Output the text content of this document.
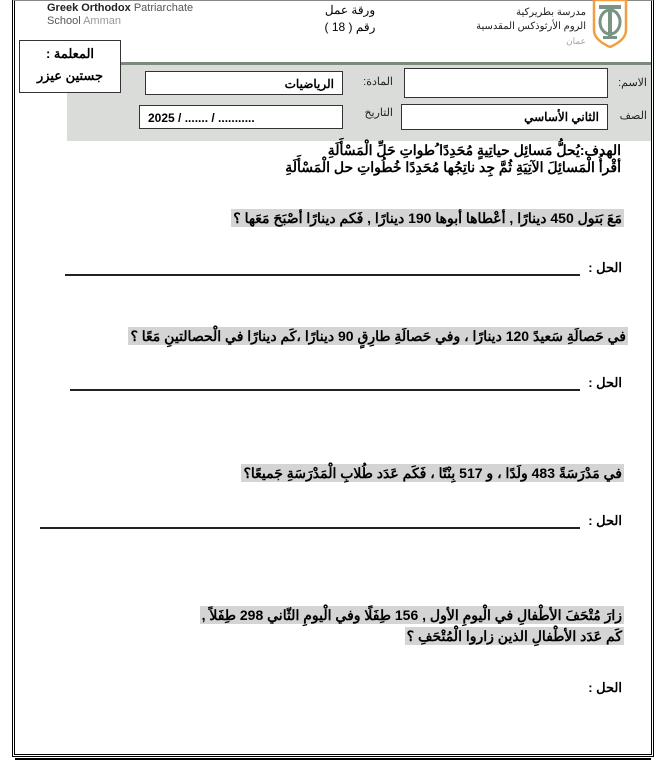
Greek Orthodox Patriarchate
School Amman
ورقة عمل
رقم ( 18 )
مدرسة بطريركية
الروم الأرثوذكس المقدسية
عمان
الاسم:
الصف
الثاني الأساسي
المادة:
الرياضيات
التاريخ
2025 / ....... / ...........
المعلمة :
جستين عيزر
الهدف:يُحلُّ مَسائِل حياتِيةٍ مُحَدِدًا ُطواتِ حَلِّ الْمَسْأَلَةِ
أقْرأُ الْمَسائِلَ الآتِيَةِ ثُمَّ جِد ناتِجُها مُحَدِدًا خُطُواتِ حل الْمَسْأَلَةِ
مَعَ بَتول 450 دينارًا , أعْطاها أبوها 190 دينارًا , فَكم دينارًا أصْبَحَ مَعَها ؟
الحل :
في حَصالَةِ سَعيدً 120 دينارًا ، وفي حَصالَةِ طارِقٍ 90 دينارًا ،كَم دينارًا في الْحصالتينِ مَعًا ؟
الحل :
في مَدْرَسَةً 483 ولَدًا ، و 517 بِنْتًا ، فَكَم عَدَد طُلابِ الْمَدْرَسَةِ جَميعًا؟
الحل :
زارَ مُتْحَفَ الأطْفالِ في الْيومِ الأول , 156 طِفَلًا وفي الْيومِ الثّاني 298 طِفَلاً ,
كَم عَدَد الأطْفالِ الذين زاروا الْمُتْحَفِ ؟
الحل :
